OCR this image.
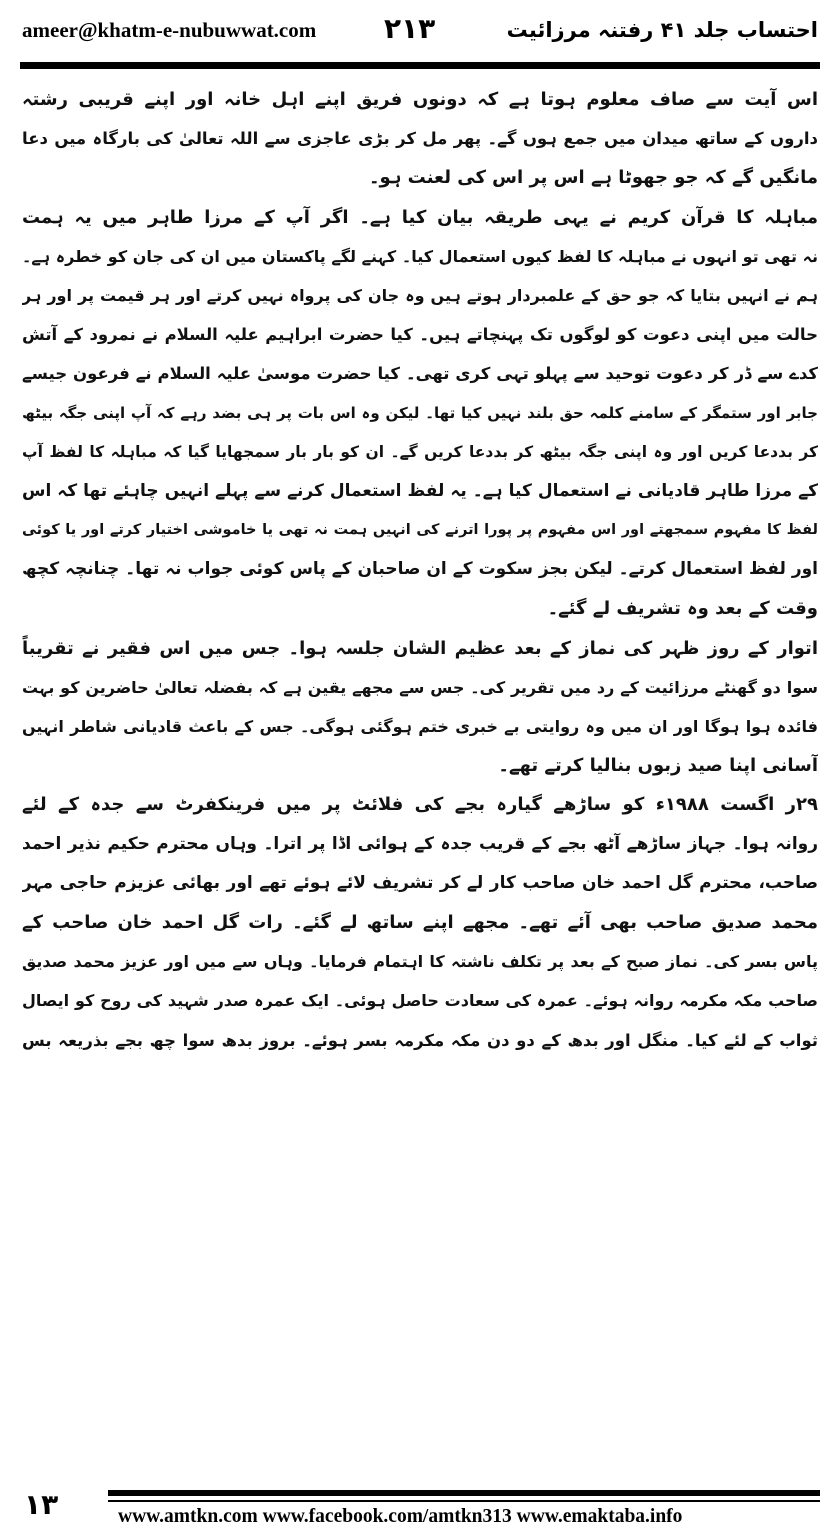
ameer@khatm-e-nubuwwat.com ۲۱۳	احتساب جلد ۴۱ رفتنہ مرزائیت
اس آیت سے صاف معلوم ہوتا ہے کہ دونوں فریق اپنے اہل خانہ اور اپنے قریبی رشتہ
داروں کے ساتھ میدان میں جمع ہوں گے۔ پھر مل کر بڑی عاجزی سے اللہ تعالیٰ کی بارگاہ میں دعا
مانگیں گے کہ جو جھوٹا ہے اس پر اس کی لعنت ہو۔
مباہلہ کا قرآن کریم نے یہی طریقہ بیان کیا ہے۔ اگر آپ کے مرزا طاہر میں یہ ہمت
نہ تھی تو انہوں نے مباہلہ کا لفظ کیوں استعمال کیا۔ کہنے لگے پاکستان میں ان کی جان کو خطرہ ہے۔
ہم نے انہیں بتایا کہ جو حق کے علمبردار ہوتے ہیں وہ جان کی پرواہ نہیں کرتے اور ہر قیمت پر اور ہر
حالت میں اپنی دعوت کو لوگوں تک پہنچاتے ہیں۔ کیا حضرت ابراہیم علیہ السلام نے نمرود کے آتش
کدے سے ڈر کر دعوت توحید سے پہلو تہی کری تھی۔ کیا حضرت موسیٰ علیہ السلام نے فرعون جیسے
جابر اور ستمگر کے سامنے کلمہ حق بلند نہیں کیا تھا۔ لیکن وہ اس بات پر ہی بضد رہے کہ آپ اپنی جگہ بیٹھ
کر بددعا کریں اور وہ اپنی جگہ بیٹھ کر بددعا کریں گے۔ ان کو بار بار سمجھایا گیا کہ مباہلہ کا لفظ آپ
کے مرزا طاہر قادیانی نے استعمال کیا ہے۔ یہ لفظ استعمال کرنے سے پہلے انہیں چاہئے تھا کہ اس
لفظ کا مفہوم سمجھتے اور اس مفہوم پر پورا اترنے کی انہیں ہمت نہ تھی یا خاموشی اختیار کرتے اور یا کوئی
اور لفظ استعمال کرتے۔ لیکن بجز سکوت کے ان صاحبان کے پاس کوئی جواب نہ تھا۔ چنانچہ کچھ
وقت کے بعد وہ تشریف لے گئے۔
اتوار کے روز ظہر کی نماز کے بعد عظیم الشان جلسہ ہوا۔ جس میں اس فقیر نے تقریباً
سوا دو گھنٹے مرزائیت کے رد میں تقریر کی۔ جس سے مجھے یقین ہے کہ بفضلہ تعالیٰ حاضرین کو بہت
فائدہ ہوا ہوگا اور ان میں وہ روایتی بے خبری ختم ہوگئی ہوگی۔ جس کے باعث قادیانی شاطر انہیں
آسانی اپنا صید زبوں بنالیا کرتے تھے۔
۲۹ر اگست ۱۹۸۸ء کو ساڑھے گیارہ بجے کی فلائٹ پر میں فرینکفرٹ سے جدہ کے لئے
روانہ ہوا۔ جہاز ساڑھے آٹھ بجے کے قریب جدہ کے ہوائی اڈا پر اترا۔ وہاں محترم حکیم نذیر احمد
صاحب، محترم گل احمد خان صاحب کار لے کر تشریف لائے ہوئے تھے اور بھائی عزیزم حاجی مہر
محمد صدیق صاحب بھی آئے تھے۔ مجھے اپنے ساتھ لے گئے۔ رات گل احمد خان صاحب کے
پاس بسر کی۔ نماز صبح کے بعد پر تکلف ناشتہ کا اہتمام فرمایا۔ وہاں سے میں اور عزیز محمد صدیق
صاحب مکہ مکرمہ روانہ ہوئے۔ عمرہ کی سعادت حاصل ہوئی۔ ایک عمرہ صدر شہید کی روح کو ایصال
ثواب کے لئے کیا۔ منگل اور بدھ کے دو دن مکہ مکرمہ بسر ہوئے۔ بروز بدھ سوا چھ بجے بذریعہ بس
۱۳	www.amtkn.com www.facebook.com/amtkn313 www.emaktaba.info
